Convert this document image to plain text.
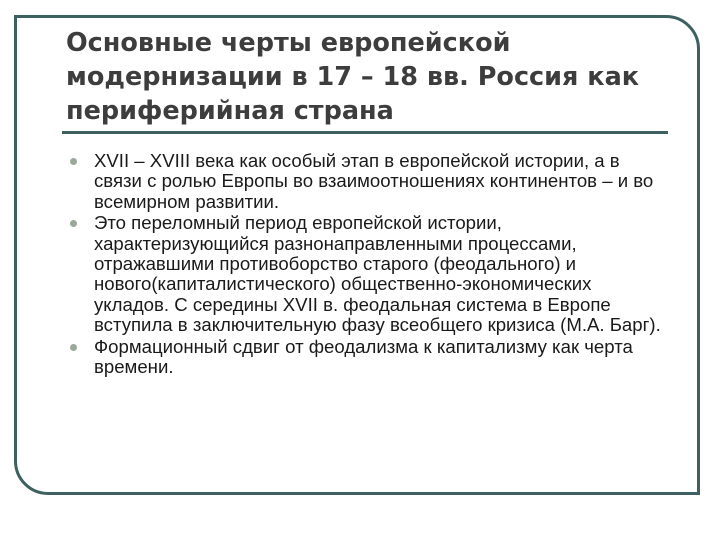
Основные черты европейской модернизации в 17 – 18 вв. Россия как периферийная страна
XVII – XVIII века как особый этап в европейской истории, а в связи с ролью Европы во взаимоотношениях континентов – и во всемирном развитии.
Это переломный период европейской истории, характеризующийся разнонаправленными процессами, отражавшими противоборство старого (феодального) и нового(капиталистического) общественно-экономических укладов. С середины XVII в. феодальная система в Европе вступила в заключительную фазу всеобщего кризиса (М.А. Барг).
Формационный сдвиг от феодализма к капитализму как черта времени.
